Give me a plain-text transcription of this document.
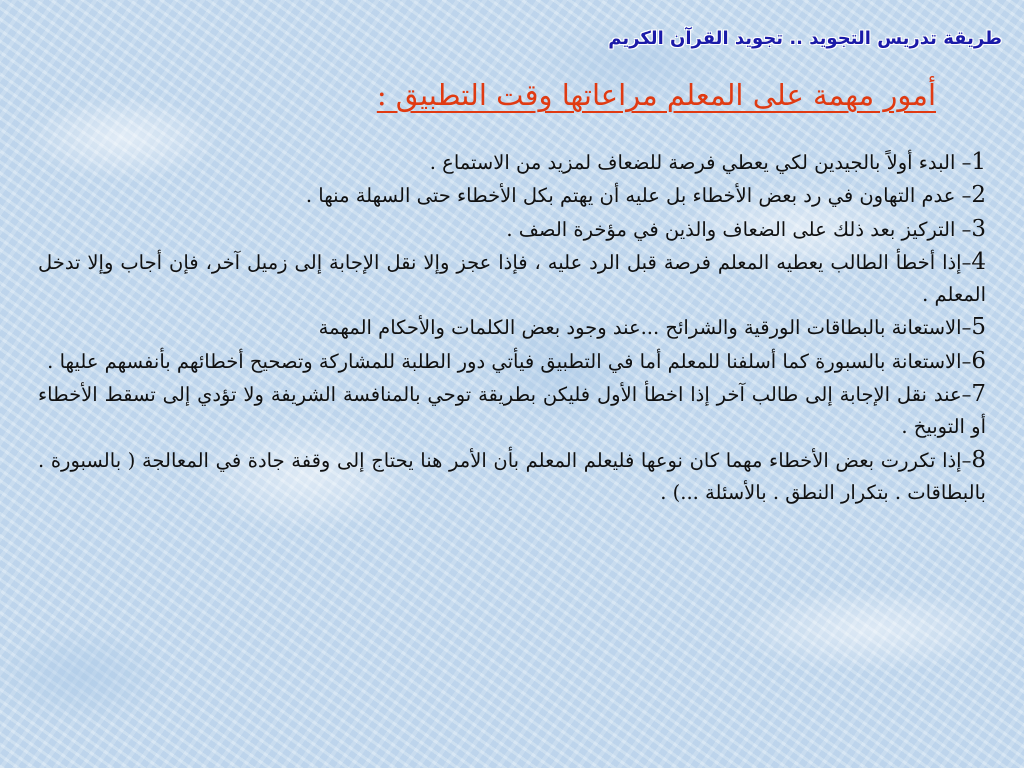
طريقة تدريس التجويد .. تجويد القرآن الكريم
أمور مهمة على المعلم مراعاتها وقت التطبيق :

1– البدء أولاً بالجيدين لكي يعطي فرصة للضعاف لمزيد من الاستماع .

2– عدم التهاون في رد بعض الأخطاء بل عليه أن يهتم بكل الأخطاء حتى السهلة منها .

3– التركيز بعد ذلك على الضعاف والذين في مؤخرة الصف .

4–إذا أخطأ الطالب يعطيه المعلم فرصة قبل الرد عليه ، فإذا عجز وإلا نقل الإجابة إلى زميل آخر، فإن أجاب وإلا تدخل المعلم .

5–الاستعانة بالبطاقات الورقية والشرائح ...عند وجود بعض الكلمات والأحكام المهمة

6–الاستعانة بالسبورة كما أسلفنا للمعلم أما في التطبيق فيأتي دور الطلبة للمشاركة وتصحيح أخطائهم بأنفسهم عليها .

7–عند نقل الإجابة إلى طالب آخر إذا اخطأ الأول فليكن بطريقة توحي بالمنافسة الشريفة ولا تؤدي إلى تسقط الأخطاء أو التوبيخ .

8–إذا تكررت بعض الأخطاء مهما كان نوعها فليعلم المعلم بأن الأمر هنا يحتاج إلى وقفة جادة في المعالجة ( بالسبورة . بالبطاقات . بتكرار النطق . بالأسئلة ...) .
